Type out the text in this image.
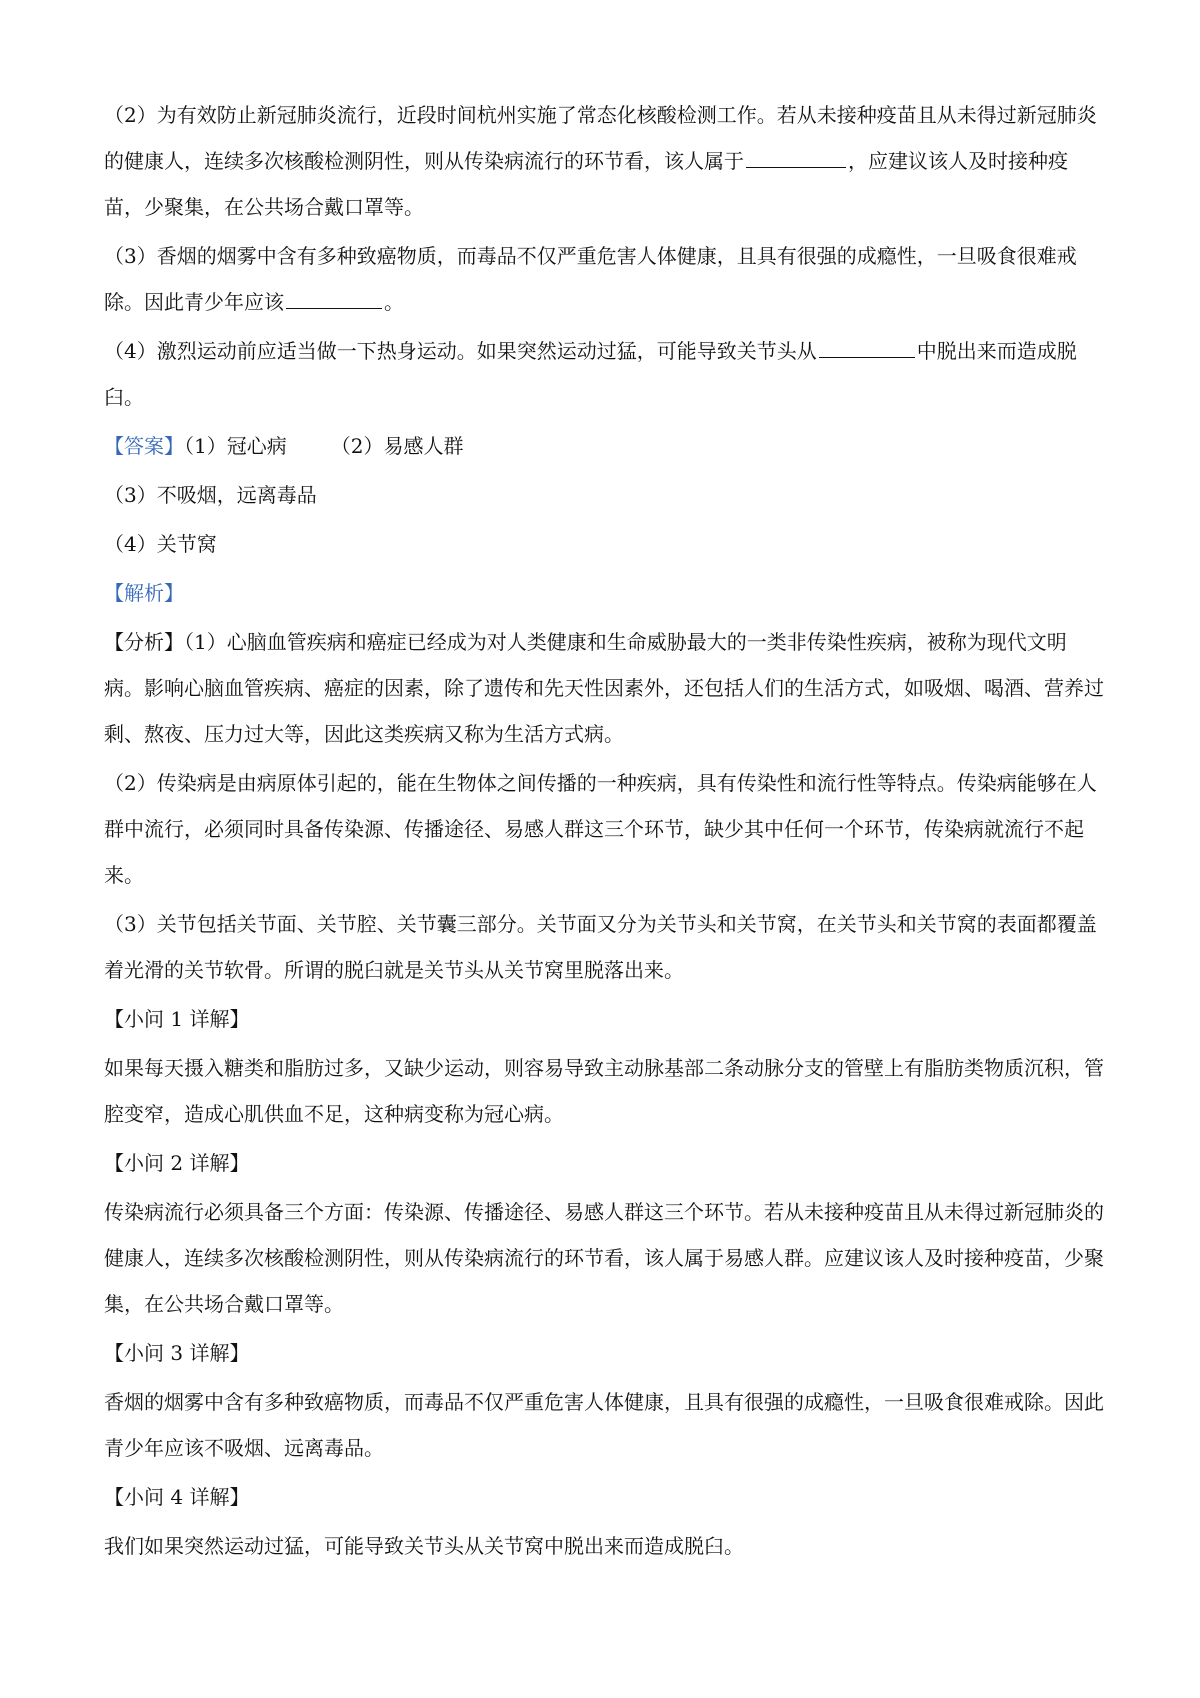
（2）为有效防止新冠肺炎流行，近段时间杭州实施了常态化核酸检测工作。若从未接种疫苗且从未得过新冠肺炎的健康人，连续多次核酸检测阴性，则从传染病流行的环节看，该人属于	，应建议该人及时接种疫苗，少聚集，在公共场合戴口罩等。

（3）香烟的烟雾中含有多种致癌物质，而毒品不仅严重危害人体健康，且具有很强的成瘾性，一旦吸食很难戒除。因此青少年应该	。

（4）激烈运动前应适当做一下热身运动。如果突然运动过猛，可能导致关节头从	中脱出来而造成脱臼。

【答案】（1）冠心病 （2）易感人群

（3）不吸烟，远离毒品

（4）关节窝

【解析】

【分析】（1）心脑血管疾病和癌症已经成为对人类健康和生命威胁最大的一类非传染性疾病，被称为现代文明病。影响心脑血管疾病、癌症的因素，除了遗传和先天性因素外，还包括人们的生活方式，如吸烟、喝酒、营养过剩、熬夜、压力过大等，因此这类疾病又称为生活方式病。

（2）传染病是由病原体引起的，能在生物体之间传播的一种疾病，具有传染性和流行性等特点。传染病能够在人群中流行，必须同时具备传染源、传播途径、易感人群这三个环节，缺少其中任何一个环节，传染病就流行不起来。

（3）关节包括关节面、关节腔、关节囊三部分。关节面又分为关节头和关节窝，在关节头和关节窝的表面都覆盖着光滑的关节软骨。所谓的脱臼就是关节头从关节窝里脱落出来。

【小问 1 详解】

如果每天摄入糖类和脂肪过多，又缺少运动，则容易导致主动脉基部二条动脉分支的管壁上有脂肪类物质沉积，管腔变窄，造成心肌供血不足，这种病变称为冠心病。

【小问 2 详解】

传染病流行必须具备三个方面：传染源、传播途径、易感人群这三个环节。若从未接种疫苗且从未得过新冠肺炎的健康人，连续多次核酸检测阴性，则从传染病流行的环节看，该人属于易感人群。应建议该人及时接种疫苗，少聚集，在公共场合戴口罩等。

【小问 3 详解】

香烟的烟雾中含有多种致癌物质，而毒品不仅严重危害人体健康，且具有很强的成瘾性，一旦吸食很难戒除。因此青少年应该不吸烟、远离毒品。

【小问 4 详解】

我们如果突然运动过猛，可能导致关节头从关节窝中脱出来而造成脱臼。
